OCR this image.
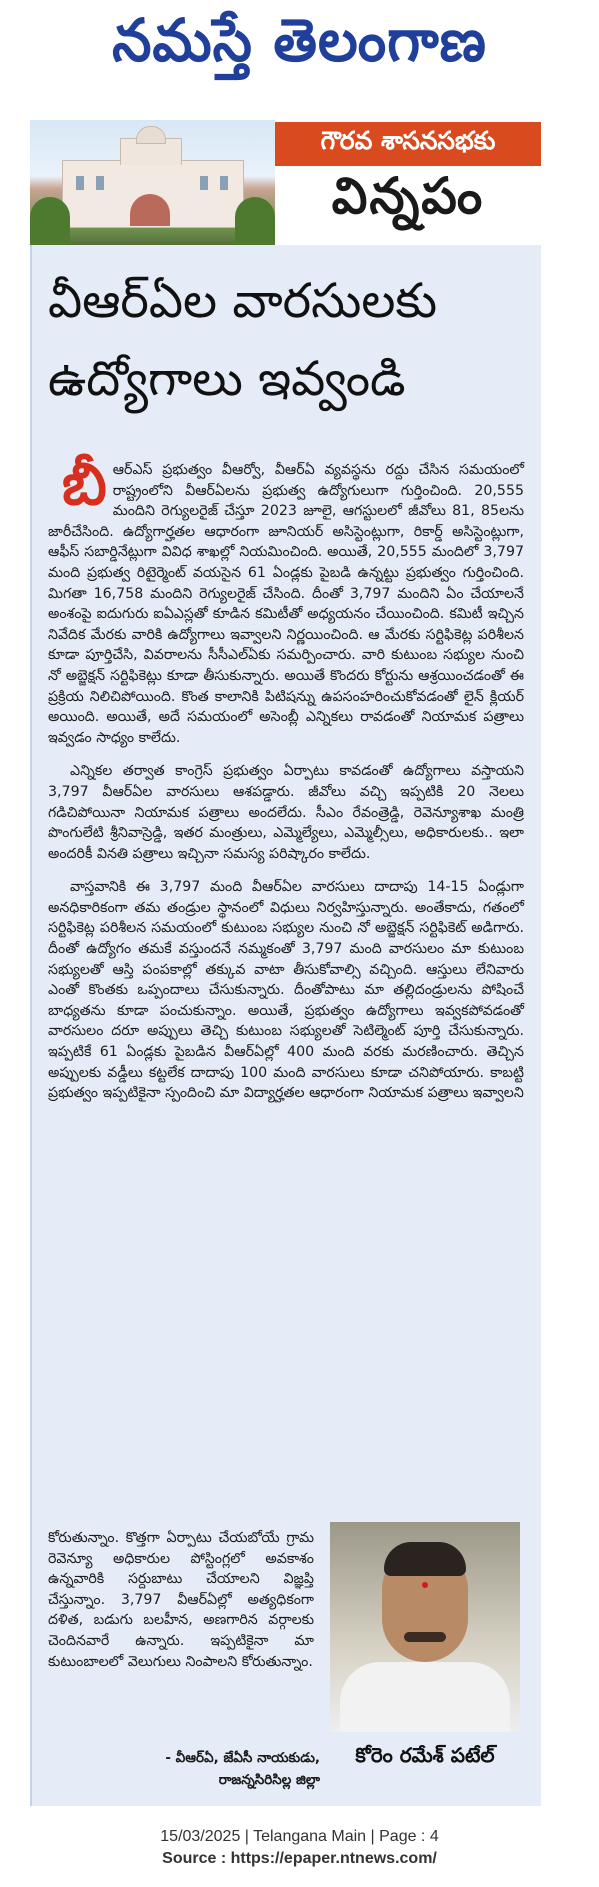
నమస్తే తెలంగాణ
గౌరవ శాసనసభకు
విన్నపం
వీఆర్ఏల వారసులకు
ఉద్యోగాలు ఇవ్వండి

బీఆర్ఎస్ ప్రభుత్వం వీఆర్వో, వీఆర్ఏ వ్యవస్థను రద్దు చేసిన సమయంలో రాష్ట్రంలోని వీఆర్ఏలను ప్రభుత్వ ఉద్యోగులుగా గుర్తించింది. 20,555 మందిని రెగ్యులరైజ్ చేస్తూ 2023 జూలై, ఆగస్టులలో జీవోలు 81, 85లను జారీచేసింది. ఉద్యోగార్హతల ఆధారంగా జూనియర్ అసిస్టెంట్లుగా, రికార్డ్ అసిస్టెంట్లుగా, ఆఫీస్ సబార్డినేట్లుగా వివిధ శాఖల్లో నియమించింది. అయితే, 20,555 మందిలో 3,797 మంది ప్రభుత్వ రిటైర్మెంట్ వయసైన 61 ఏండ్లకు పైబడి ఉన్నట్టు ప్రభుత్వం గుర్తించింది. మిగతా 16,758 మందిని రెగ్యులరైజ్ చేసింది. దీంతో 3,797 మందిని ఏం చేయాలనే అంశంపై ఐదుగురు ఐఏఎస్లతో కూడిన కమిటీతో అధ్యయనం చేయించింది. కమిటీ ఇచ్చిన నివేదిక మేరకు వారికి ఉద్యోగాలు ఇవ్వాలని నిర్ణయించింది. ఆ మేరకు సర్టిఫికెట్ల పరిశీలన కూడా పూర్తిచేసి, వివరాలను సీసీఎల్ఏకు సమర్పించారు. వారి కుటుంబ సభ్యుల నుంచి నో అబ్జెక్షన్ సర్టిఫికెట్లు కూడా తీసుకున్నారు. అయితే కొందరు కోర్టును ఆశ్రయించడంతో ఈ ప్రక్రియ నిలిచిపోయింది. కొంత కాలానికి పిటిషన్ను ఉపసంహరించుకోవడంతో లైన్ క్లియర్ అయింది. అయితే, అదే సమయంలో అసెంబ్లీ ఎన్నికలు రావడంతో నియామక పత్రాలు ఇవ్వడం సాధ్యం కాలేదు.

ఎన్నికల తర్వాత కాంగ్రెస్ ప్రభుత్వం ఏర్పాటు కావడంతో ఉద్యోగాలు వస్తాయని 3,797 వీఆర్ఏల వారసులు ఆశపడ్డారు. జీవోలు వచ్చి ఇప్పటికి 20 నెలలు గడిచిపోయినా నియామక పత్రాలు అందలేదు. సీఎం రేవంత్రెడ్డి, రెవెన్యూశాఖ మంత్రి పొంగులేటి శ్రీనివాస్రెడ్డి, ఇతర మంత్రులు, ఎమ్మెల్యేలు, ఎమ్మెల్సీలు, అధికారులకు.. ఇలా అందరికీ వినతి పత్రాలు ఇచ్చినా సమస్య పరిష్కారం కాలేదు.

వాస్తవానికి ఈ 3,797 మంది వీఆర్ఏల వారసులు దాదాపు 14-15 ఏండ్లుగా అనధికారికంగా తమ తండ్రుల స్థానంలో విధులు నిర్వహిస్తున్నారు. అంతేకాదు, గతంలో సర్టిఫికెట్ల పరిశీలన సమయంలో కుటుంబ సభ్యుల నుంచి నో అబ్జెక్షన్ సర్టిఫికెట్ అడిగారు. దీంతో ఉద్యోగం తమకే వస్తుందనే నమ్మకంతో 3,797 మంది వారసులం మా కుటుంబ సభ్యులతో ఆస్తి పంపకాల్లో తక్కువ వాటా తీసుకోవాల్సి వచ్చింది. ఆస్తులు లేనివారు ఎంతో కొంతకు ఒప్పందాలు చేసుకున్నారు. దీంతోపాటు మా తల్లిదండ్రులను పోషించే బాధ్యతను కూడా పంచుకున్నాం. అయితే, ప్రభుత్వం ఉద్యోగాలు ఇవ్వకపోవడంతో వారసులం దరూ అప్పులు తెచ్చి కుటుంబ సభ్యులతో సెటిల్మెంట్ పూర్తి చేసుకున్నారు. ఇప్పటికే 61 ఏండ్లకు పైబడిన వీఆర్ఏల్లో 400 మంది వరకు మరణించారు. తెచ్చిన అప్పులకు వడ్డీలు కట్టలేక దాదాపు 100 మంది వారసులు కూడా చనిపోయారు. కాబట్టి ప్రభుత్వం ఇప్పటికైనా స్పందించి మా విద్యార్హతల ఆధారంగా నియామక పత్రాలు ఇవ్వాలని

కోరుతున్నాం. కొత్తగా ఏర్పాటు చేయబోయే గ్రామ రెవెన్యూ అధికారుల పోస్టింగ్లలో అవకాశం ఉన్నవారికి సర్దుబాటు చేయాలని విజ్ఞప్తి చేస్తున్నాం. 3,797 వీఆర్ఏల్లో అత్యధికంగా దళిత, బడుగు బలహీన, అణగారిన వర్గాలకు చెందినవారే ఉన్నారు. ఇప్పటికైనా మా కుటుంబాలలో వెలుగులు నింపాలని కోరుతున్నాం.
- వీఆర్ఏ, జేఏసీ నాయకుడు,
రాజన్నసిరిసిల్ల జిల్లా
కోరెం రమేశ్ పటేల్
15/03/2025 | Telangana Main | Page : 4
Source : https://epaper.ntnews.com/
